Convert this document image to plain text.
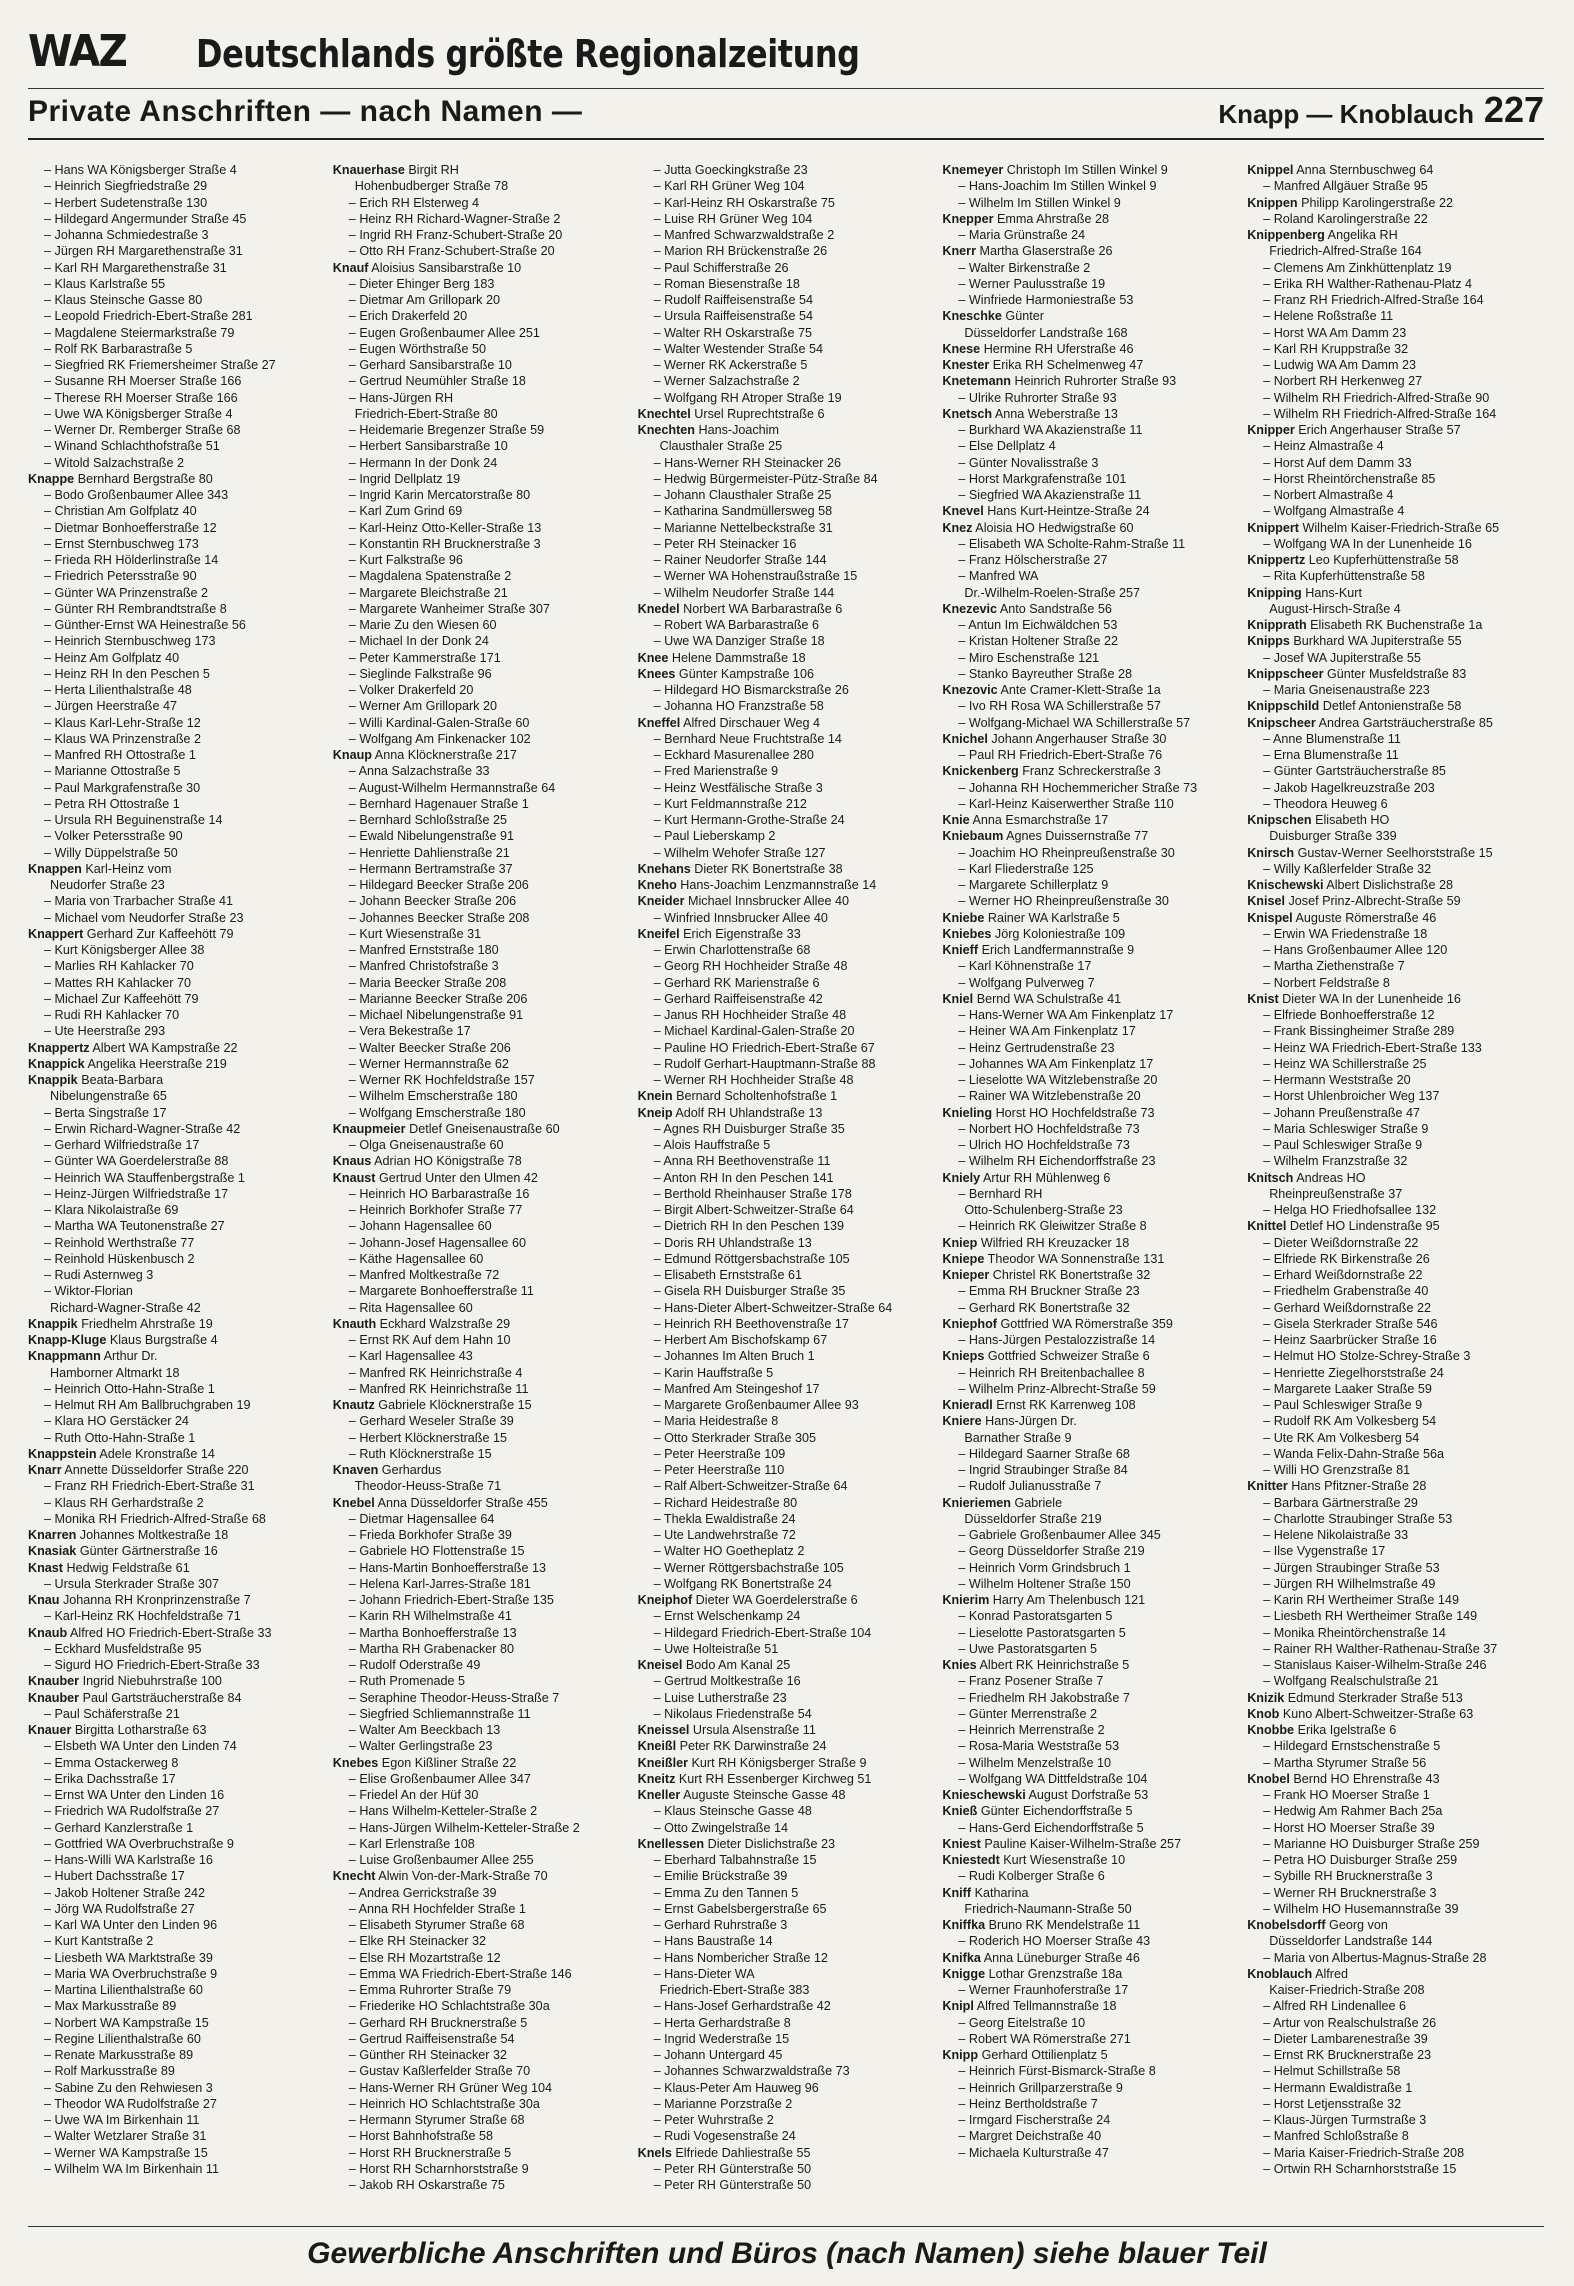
WAZ Deutschlands größte Regionalzeitung
Private Anschriften — nach Namen —	Knapp — Knoblauch 227
– Hans WA Königsberger Straße 4
– Heinrich Siegfriedstraße 29
– Herbert Sudetenstraße 130
– Hildegard Angermunder Straße 45
– Johanna Schmiedestraße 3
– Jürgen RH Margarethenstraße 31
– Karl RH Margarethenstraße 31
– Klaus Karlstraße 55
– Klaus Steinsche Gasse 80
– Leopold Friedrich-Ebert-Straße 281
– Magdalene Steiermarkstraße 79
– Rolf RK Barbarastraße 5
– Siegfried RK Friemersheimer Straße 27
– Susanne RH Moerser Straße 166
– Therese RH Moerser Straße 166
– Uwe WA Königsberger Straße 4
– Werner Dr. Remberger Straße 68
– Winand Schlachthofstraße 51
– Witold Salzachstraße 2
Knappe Bernhard Bergstraße 80
– Bodo Großenbaumer Allee 343
– Christian Am Golfplatz 40
– Dietmar Bonhoefferstraße 12
– Ernst Sternbuschweg 173
– Frieda RH Hölderlinstraße 14
– Friedrich Petersstraße 90
– Günter WA Prinzenstraße 2
– Günter RH Rembrandtstraße 8
– Günther-Ernst WA Heinestraße 56
– Heinrich Sternbuschweg 173
– Heinz Am Golfplatz 40
– Heinz RH In den Peschen 5
– Herta Lilienthalstraße 48
– Jürgen Heerstraße 47
– Klaus Karl-Lehr-Straße 12
– Klaus WA Prinzenstraße 2
– Manfred RH Ottostraße 1
– Marianne Ottostraße 5
– Paul Markgrafenstraße 30
– Petra RH Ottostraße 1
– Ursula RH Beguinenstraße 14
– Volker Petersstraße 90
– Willy Düppelstraße 50
Knappen Karl-Heinz vom
Neudorfer Straße 23
– Maria von Trarbacher Straße 41
– Michael vom Neudorfer Straße 23
Knappert Gerhard Zur Kaffeehött 79
– Kurt Königsberger Allee 38
– Marlies RH Kahlacker 70
– Mattes RH Kahlacker 70
– Michael Zur Kaffeehött 79
– Rudi RH Kahlacker 70
– Ute Heerstraße 293
Knappertz Albert WA Kampstraße 22
Knappick Angelika Heerstraße 219
Knappik Beata-Barbara
Nibelungenstraße 65
– Berta Singstraße 17
– Erwin Richard-Wagner-Straße 42
– Gerhard Wilfriedstraße 17
– Günter WA Goerdelerstraße 88
– Heinrich WA Stauffenbergstraße 1
– Heinz-Jürgen Wilfriedstraße 17
– Klara Nikolaistraße 69
– Martha WA Teutonenstraße 27
– Reinhold Werthstraße 77
– Reinhold Hüskenbusch 2
– Rudi Asternweg 3
– Wiktor-Florian
Richard-Wagner-Straße 42
Knappik Friedhelm Ahrstraße 19
Knapp-Kluge Klaus Burgstraße 4
Knappmann Arthur Dr.
Hamborner Altmarkt 18
– Heinrich Otto-Hahn-Straße 1
– Helmut RH Am Ballbruchgraben 19
– Klara HO Gerstäcker 24
– Ruth Otto-Hahn-Straße 1
Knappstein Adele Kronstraße 14
Knarr Annette Düsseldorfer Straße 220
– Franz RH Friedrich-Ebert-Straße 31
– Klaus RH Gerhardstraße 2
– Monika RH Friedrich-Alfred-Straße 68
Knarren Johannes Moltkestraße 18
Knasiak Günter Gärtnerstraße 16
Knast Hedwig Feldstraße 61
– Ursula Sterkrader Straße 307
Knau Johanna RH Kronprinzenstraße 7
– Karl-Heinz RK Hochfeldstraße 71
Knaub Alfred HO Friedrich-Ebert-Straße 33
– Eckhard Musfeldstraße 95
– Sigurd HO Friedrich-Ebert-Straße 33
Knauber Ingrid Niebuhrstraße 100
Knauber Paul Gartsträucherstraße 84
– Paul Schäferstraße 21
Knauer Birgitta Lotharstraße 63
– Elsbeth WA Unter den Linden 74
– Emma Ostackerweg 8
– Erika Dachsstraße 17
– Ernst WA Unter den Linden 16
– Friedrich WA Rudolfstraße 27
– Gerhard Kanzlerstraße 1
– Gottfried WA Overbruchstraße 9
– Hans-Willi WA Karlstraße 16
– Hubert Dachsstraße 17
– Jakob Holtener Straße 242
– Jörg WA Rudolfstraße 27
– Karl WA Unter den Linden 96
– Kurt Kantstraße 2
– Liesbeth WA Marktstraße 39
– Maria WA Overbruchstraße 9
– Martina Lilienthalstraße 60
– Max Markusstraße 89
– Norbert WA Kampstraße 15
– Regine Lilienthalstraße 60
– Renate Markusstraße 89
– Rolf Markusstraße 89
– Sabine Zu den Rehwiesen 3
– Theodor WA Rudolfstraße 27
– Uwe WA Im Birkenhain 11
– Walter Wetzlarer Straße 31
– Werner WA Kampstraße 15
– Wilhelm WA Im Birkenhain 11
Knauerhase Birgit RH
Hohenbudberger Straße 78
– Erich RH Elsterweg 4
– Heinz RH Richard-Wagner-Straße 2
– Ingrid RH Franz-Schubert-Straße 20
– Otto RH Franz-Schubert-Straße 20
Knauf Aloisius Sansibarstraße 10
– Dieter Ehinger Berg 183
– Dietmar Am Grillopark 20
– Erich Drakerfeld 20
– Eugen Großenbaumer Allee 251
– Eugen Wörthstraße 50
– Gerhard Sansibarstraße 10
– Gertrud Neumühler Straße 18
– Hans-Jürgen RH
Friedrich-Ebert-Straße 80
– Heidemarie Bregenzer Straße 59
– Herbert Sansibarstraße 10
– Hermann In der Donk 24
– Ingrid Dellplatz 19
– Ingrid Karin Mercatorstraße 80
– Karl Zum Grind 69
– Karl-Heinz Otto-Keller-Straße 13
– Konstantin RH Brucknerstraße 3
– Kurt Falkstraße 96
– Magdalena Spatenstraße 2
– Margarete Bleichstraße 21
– Margarete Wanheimer Straße 307
– Marie Zu den Wiesen 60
– Michael In der Donk 24
– Peter Kammerstraße 171
– Sieglinde Falkstraße 96
– Volker Drakerfeld 20
– Werner Am Grillopark 20
– Willi Kardinal-Galen-Straße 60
– Wolfgang Am Finkenacker 102
Knaup Anna Klöcknerstraße 217
– Anna Salzachstraße 33
– August-Wilhelm Hermannstraße 64
– Bernhard Hagenauer Straße 1
– Bernhard Schloßstraße 25
– Ewald Nibelungenstraße 91
– Henriette Dahlienstraße 21
– Hermann Bertramstraße 37
– Hildegard Beecker Straße 206
– Johann Beecker Straße 206
– Johannes Beecker Straße 208
– Kurt Wiesenstraße 31
– Manfred Ernststraße 180
– Manfred Christofstraße 3
– Maria Beecker Straße 208
– Marianne Beecker Straße 206
– Michael Nibelungenstraße 91
– Vera Bekestraße 17
– Walter Beecker Straße 206
– Werner Hermannstraße 62
– Werner RK Hochfeldstraße 157
– Wilhelm Emscherstraße 180
– Wolfgang Emscherstraße 180
Knaupmeier Detlef Gneisenaustraße 60
– Olga Gneisenaustraße 60
Knaus Adrian HO Königstraße 78
Knaust Gertrud Unter den Ulmen 42
– Heinrich HO Barbarastraße 16
– Heinrich Borkhofer Straße 77
– Johann Hagensallee 60
– Johann-Josef Hagensallee 60
– Käthe Hagensallee 60
– Manfred Moltkestraße 72
– Margarete Bonhoefferstraße 11
– Rita Hagensallee 60
Knauth Eckhard Walzstraße 29
– Ernst RK Auf dem Hahn 10
– Karl Hagensallee 43
– Manfred RK Heinrichstraße 4
– Manfred RK Heinrichstraße 11
Knautz Gabriele Klöcknerstraße 15
– Gerhard Weseler Straße 39
– Herbert Klöcknerstraße 15
– Ruth Klöcknerstraße 15
Knaven Gerhardus
Theodor-Heuss-Straße 71
Knebel Anna Düsseldorfer Straße 455
– Dietmar Hagensallee 64
– Frieda Borkhofer Straße 39
– Gabriele HO Flottenstraße 15
– Hans-Martin Bonhoefferstraße 13
– Helena Karl-Jarres-Straße 181
– Johann Friedrich-Ebert-Straße 135
– Karin RH Wilhelmstraße 41
– Martha Bonhoefferstraße 13
– Martha RH Grabenacker 80
– Rudolf Oderstraße 49
– Ruth Promenade 5
– Seraphine Theodor-Heuss-Straße 7
– Siegfried Schliemannstraße 11
– Walter Am Beeckbach 13
– Walter Gerlingstraße 23
Knebes Egon Kißliner Straße 22
– Elise Großenbaumer Allee 347
– Friedel An der Hüf 30
– Hans Wilhelm-Ketteler-Straße 2
– Hans-Jürgen Wilhelm-Ketteler-Straße 2
– Karl Erlenstraße 108
– Luise Großenbaumer Allee 255
Knecht Alwin Von-der-Mark-Straße 70
– Andrea Gerrickstraße 39
– Anna RH Hochfelder Straße 1
– Elisabeth Styrumer Straße 68
– Elke RH Steinacker 32
– Else RH Mozartstraße 12
– Emma WA Friedrich-Ebert-Straße 146
– Emma Ruhrorter Straße 79
– Friederike HO Schlachtstraße 30a
– Gerhard RH Brucknerstraße 5
– Gertrud Raiffeisenstraße 54
– Günther RH Steinacker 32
– Gustav Kaßlerfelder Straße 70
– Hans-Werner RH Grüner Weg 104
– Heinrich HO Schlachtstraße 30a
– Hermann Styrumer Straße 68
– Horst Bahnhofstraße 58
– Horst RH Brucknerstraße 5
– Horst RH Scharnhorststraße 9
– Jakob RH Oskarstraße 75
– Jutta Goeckingkstraße 23
– Karl RH Grüner Weg 104
– Karl-Heinz RH Oskarstraße 75
– Luise RH Grüner Weg 104
– Manfred Schwarzwaldstraße 2
– Marion RH Brückenstraße 26
– Paul Schifferstraße 26
– Roman Biesenstraße 18
– Rudolf Raiffeisenstraße 54
– Ursula Raiffeisenstraße 54
– Walter RH Oskarstraße 75
– Walter Westender Straße 54
– Werner RK Ackerstraße 5
– Werner Salzachstraße 2
– Wolfgang RH Atroper Straße 19
Knechtel Ursel Ruprechtstraße 6
Knechten Hans-Joachim
Clausthaler Straße 25
– Hans-Werner RH Steinacker 26
– Hedwig Bürgermeister-Pütz-Straße 84
– Johann Clausthaler Straße 25
– Katharina Sandmüllersweg 58
– Marianne Nettelbeckstraße 31
– Peter RH Steinacker 16
– Rainer Neudorfer Straße 144
– Werner WA Hohenstraußstraße 15
– Wilhelm Neudorfer Straße 144
Knedel Norbert WA Barbarastraße 6
– Robert WA Barbarastraße 6
– Uwe WA Danziger Straße 18
Knee Helene Dammstraße 18
Knees Günter Kampstraße 106
– Hildegard HO Bismarckstraße 26
– Johanna HO Franzstraße 58
Kneffel Alfred Dirschauer Weg 4
– Bernhard Neue Fruchtstraße 14
– Eckhard Masurenallee 280
– Fred Marienstraße 9
– Heinz Westfälische Straße 3
– Kurt Feldmannstraße 212
– Kurt Hermann-Grothe-Straße 24
– Paul Lieberskamp 2
– Wilhelm Wehofer Straße 127
Knehans Dieter RK Bonertstraße 38
Kneho Hans-Joachim Lenzmannstraße 14
Kneider Michael Innsbrucker Allee 40
– Winfried Innsbrucker Allee 40
Kneifel Erich Eigenstraße 33
– Erwin Charlottenstraße 68
– Georg RH Hochheider Straße 48
– Gerhard RK Marienstraße 6
– Gerhard Raiffeisenstraße 42
– Janus RH Hochheider Straße 48
– Michael Kardinal-Galen-Straße 20
– Pauline HO Friedrich-Ebert-Straße 67
– Rudolf Gerhart-Hauptmann-Straße 88
– Werner RH Hochheider Straße 48
Knein Bernard Scholtenhofstraße 1
Kneip Adolf RH Uhlandstraße 13
– Agnes RH Duisburger Straße 35
– Alois Hauffstraße 5
– Anna RH Beethovenstraße 11
– Anton RH In den Peschen 141
– Berthold Rheinhauser Straße 178
– Birgit Albert-Schweitzer-Straße 64
– Dietrich RH In den Peschen 139
– Doris RH Uhlandstraße 13
– Edmund Röttgersbachstraße 105
– Elisabeth Ernststraße 61
– Gisela RH Duisburger Straße 35
– Hans-Dieter Albert-Schweitzer-Straße 64
– Heinrich RH Beethovenstraße 17
– Herbert Am Bischofskamp 67
– Johannes Im Alten Bruch 1
– Karin Hauffstraße 5
– Manfred Am Steingeshof 17
– Margarete Großenbaumer Allee 93
– Maria Heidestraße 8
– Otto Sterkrader Straße 305
– Peter Heerstraße 109
– Peter Heerstraße 110
– Ralf Albert-Schweitzer-Straße 64
– Richard Heidestraße 80
– Thekla Ewaldistraße 24
– Ute Landwehrstraße 72
– Walter HO Goetheplatz 2
– Werner Röttgersbachstraße 105
– Wolfgang RK Bonertstraße 24
Kneiphof Dieter WA Goerdelerstraße 6
– Ernst Welschenkamp 24
– Hildegard Friedrich-Ebert-Straße 104
– Uwe Holteistraße 51
Kneisel Bodo Am Kanal 25
– Gertrud Moltkestraße 16
– Luise Lutherstraße 23
– Nikolaus Friedenstraße 54
Kneissel Ursula Alsenstraße 11
Kneißl Peter RK Darwinstraße 24
Kneißler Kurt RH Königsberger Straße 9
Kneitz Kurt RH Essenberger Kirchweg 51
Kneller Auguste Steinsche Gasse 48
– Klaus Steinsche Gasse 48
– Otto Zwingelstraße 14
Knellessen Dieter Dislichstraße 23
– Eberhard Talbahnstraße 15
– Emilie Brückstraße 39
– Emma Zu den Tannen 5
– Ernst Gabelsbergerstraße 65
– Gerhard Ruhrstraße 3
– Hans Baustraße 14
– Hans Nombericher Straße 12
– Hans-Dieter WA
Friedrich-Ebert-Straße 383
– Hans-Josef Gerhardstraße 42
– Herta Gerhardstraße 8
– Ingrid Wederstraße 15
– Johann Untergard 45
– Johannes Schwarzwaldstraße 73
– Klaus-Peter Am Hauweg 96
– Marianne Porzstraße 2
– Peter Wuhrstraße 2
– Rudi Vogesenstraße 24
Knels Elfriede Dahliestraße 55
– Peter RH Günterstraße 50
– Peter RH Günterstraße 50
Knemeyer Christoph Im Stillen Winkel 9
– Hans-Joachim Im Stillen Winkel 9
– Wilhelm Im Stillen Winkel 9
Knepper Emma Ahrstraße 28
– Maria Grünstraße 24
Knerr Martha Glaserstraße 26
– Walter Birkenstraße 2
– Werner Paulusstraße 19
– Winfriede Harmoniestraße 53
Kneschke Günter
Düsseldorfer Landstraße 168
Knese Hermine RH Uferstraße 46
Knester Erika RH Schelmenweg 47
Knetemann Heinrich Ruhrorter Straße 93
– Ulrike Ruhrorter Straße 93
Knetsch Anna Weberstraße 13
– Burkhard WA Akazienstraße 11
– Else Dellplatz 4
– Günter Novalisstraße 3
– Horst Markgrafenstraße 101
– Siegfried WA Akazienstraße 11
Knevel Hans Kurt-Heintze-Straße 24
Knez Aloisia HO Hedwigstraße 60
– Elisabeth WA Scholte-Rahm-Straße 11
– Franz Hölscherstraße 27
– Manfred WA
Dr.-Wilhelm-Roelen-Straße 257
Knezevic Anto Sandstraße 56
– Antun Im Eichwäldchen 53
– Kristan Holtener Straße 22
– Miro Eschenstraße 121
– Stanko Bayreuther Straße 28
Knezovic Ante Cramer-Klett-Straße 1a
– Ivo RH Rosa WA Schillerstraße 57
– Wolfgang-Michael WA Schillerstraße 57
Knichel Johann Angerhauser Straße 30
– Paul RH Friedrich-Ebert-Straße 76
Knickenberg Franz Schreckerstraße 3
– Johanna RH Hochemmericher Straße 73
– Karl-Heinz Kaiserwerther Straße 110
Knie Anna Esmarchstraße 17
Kniebaum Agnes Duissernstraße 77
– Joachim HO Rheinpreußenstraße 30
– Karl Fliederstraße 125
– Margarete Schillerplatz 9
– Werner HO Rheinpreußenstraße 30
Kniebe Rainer WA Karlstraße 5
Kniebes Jörg Koloniestraße 109
Knieff Erich Landfermannstraße 9
– Karl Köhnenstraße 17
– Wolfgang Pulverweg 7
Kniel Bernd WA Schulstraße 41
– Hans-Werner WA Am Finkenplatz 17
– Heiner WA Am Finkenplatz 17
– Heinz Gertrudenstraße 23
– Johannes WA Am Finkenplatz 17
– Lieselotte WA Witzlebenstraße 20
– Rainer WA Witzlebenstraße 20
Knieling Horst HO Hochfeldstraße 73
– Norbert HO Hochfeldstraße 73
– Ulrich HO Hochfeldstraße 73
– Wilhelm RH Eichendorffstraße 23
Kniely Artur RH Mühlenweg 6
– Bernhard RH
Otto-Schulenberg-Straße 23
– Heinrich RK Gleiwitzer Straße 8
Kniep Wilfried RH Kreuzacker 18
Kniepe Theodor WA Sonnenstraße 131
Knieper Christel RK Bonertstraße 32
– Emma RH Bruckner Straße 23
– Gerhard RK Bonertstraße 32
Kniephof Gottfried WA Römerstraße 359
– Hans-Jürgen Pestalozzistraße 14
Knieps Gottfried Schweizer Straße 6
– Heinrich RH Breitenbachallee 8
– Wilhelm Prinz-Albrecht-Straße 59
Knieradl Ernst RK Karrenweg 108
Kniere Hans-Jürgen Dr.
Barnather Straße 9
– Hildegard Saarner Straße 68
– Ingrid Straubinger Straße 84
– Rudolf Julianusstraße 7
Knieriemen Gabriele
Düsseldorfer Straße 219
– Gabriele Großenbaumer Allee 345
– Georg Düsseldorfer Straße 219
– Heinrich Vorm Grindsbruch 1
– Wilhelm Holtener Straße 150
Knierim Harry Am Thelenbusch 121
– Konrad Pastoratsgarten 5
– Lieselotte Pastoratsgarten 5
– Uwe Pastoratsgarten 5
Knies Albert RK Heinrichstraße 5
– Franz Posener Straße 7
– Friedhelm RH Jakobstraße 7
– Günter Merrenstraße 2
– Heinrich Merrenstraße 2
– Rosa-Maria Weststraße 53
– Wilhelm Menzelstraße 10
– Wolfgang WA Dittfeldstraße 104
Knieschewski August Dorfstraße 53
Knieß Günter Eichendorffstraße 5
– Hans-Gerd Eichendorffstraße 5
Kniest Pauline Kaiser-Wilhelm-Straße 257
Kniestedt Kurt Wiesenstraße 10
– Rudi Kolberger Straße 6
Kniff Katharina
Friedrich-Naumann-Straße 50
Kniffka Bruno RK Mendelstraße 11
– Roderich HO Moerser Straße 43
Knifka Anna Lüneburger Straße 46
Knigge Lothar Grenzstraße 18a
– Werner Fraunhoferstraße 17
Knipl Alfred Tellmannstraße 18
– Georg Eitelstraße 10
– Robert WA Römerstraße 271
Knipp Gerhard Ottilienplatz 5
– Heinrich Fürst-Bismarck-Straße 8
– Heinrich Grillparzerstraße 9
– Heinz Bertholdstraße 7
– Irmgard Fischerstraße 24
– Margret Deichstraße 40
– Michaela Kulturstraße 47
Knippel Anna Sternbuschweg 64
– Manfred Allgäuer Straße 95
Knippen Philipp Karolingerstraße 22
– Roland Karolingerstraße 22
Knippenberg Angelika RH
Friedrich-Alfred-Straße 164
– Clemens Am Zinkhüttenplatz 19
– Erika RH Walther-Rathenau-Platz 4
– Franz RH Friedrich-Alfred-Straße 164
– Helene Roßstraße 11
– Horst WA Am Damm 23
– Karl RH Kruppstraße 32
– Ludwig WA Am Damm 23
– Norbert RH Herkenweg 27
– Wilhelm RH Friedrich-Alfred-Straße 90
– Wilhelm RH Friedrich-Alfred-Straße 164
Knipper Erich Angerhauser Straße 57
– Heinz Almastraße 4
– Horst Auf dem Damm 33
– Horst Rheintörchenstraße 85
– Norbert Almastraße 4
– Wolfgang Almastraße 4
Knippert Wilhelm Kaiser-Friedrich-Straße 65
– Wolfgang WA In der Lunenheide 16
Knippertz Leo Kupferhüttenstraße 58
– Rita Kupferhüttenstraße 58
Knipping Hans-Kurt
August-Hirsch-Straße 4
Knipprath Elisabeth RK Buchenstraße 1a
Knipps Burkhard WA Jupiterstraße 55
– Josef WA Jupiterstraße 55
Knippscheer Günter Musfeldstraße 83
– Maria Gneisenaustraße 223
Knippschild Detlef Antonienstraße 58
Knipscheer Andrea Gartsträucherstraße 85
– Anne Blumenstraße 11
– Erna Blumenstraße 11
– Günter Gartsträucherstraße 85
– Jakob Hagelkreuzstraße 203
– Theodora Heuweg 6
Knipschen Elisabeth HO
Duisburger Straße 339
Knirsch Gustav-Werner Seelhorststraße 15
– Willy Kaßlerfelder Straße 32
Knischewski Albert Dislichstraße 28
Knisel Josef Prinz-Albrecht-Straße 59
Knispel Auguste Römerstraße 46
– Erwin WA Friedenstraße 18
– Hans Großenbaumer Allee 120
– Martha Ziethenstraße 7
– Norbert Feldstraße 8
Knist Dieter WA In der Lunenheide 16
– Elfriede Bonhoefferstraße 12
– Frank Bissingheimer Straße 289
– Heinz WA Friedrich-Ebert-Straße 133
– Heinz WA Schillerstraße 25
– Hermann Weststraße 20
– Horst Uhlenbroicher Weg 137
– Johann Preußenstraße 47
– Maria Schleswiger Straße 9
– Paul Schleswiger Straße 9
– Wilhelm Franzstraße 32
Knitsch Andreas HO
Rheinpreußenstraße 37
– Helga HO Friedhofsallee 132
Knittel Detlef HO Lindenstraße 95
– Dieter Weißdornstraße 22
– Elfriede RK Birkenstraße 26
– Erhard Weißdornstraße 22
– Friedhelm Grabenstraße 40
– Gerhard Weißdornstraße 22
– Gisela Sterkrader Straße 546
– Heinz Saarbrücker Straße 16
– Helmut HO Stolze-Schrey-Straße 3
– Henriette Ziegelhorststraße 24
– Margarete Laaker Straße 59
– Paul Schleswiger Straße 9
– Rudolf RK Am Volkesberg 54
– Ute RK Am Volkesberg 54
– Wanda Felix-Dahn-Straße 56a
– Willi HO Grenzstraße 81
Knitter Hans Pfitzner-Straße 28
– Barbara Gärtnerstraße 29
– Charlotte Straubinger Straße 53
– Helene Nikolaistraße 33
– Ilse Vygenstraße 17
– Jürgen Straubinger Straße 53
– Jürgen RH Wilhelmstraße 49
– Karin RH Wertheimer Straße 149
– Liesbeth RH Wertheimer Straße 149
– Monika Rheintörchenstraße 14
– Rainer RH Walther-Rathenau-Straße 37
– Stanislaus Kaiser-Wilhelm-Straße 246
– Wolfgang Realschulstraße 21
Knizik Edmund Sterkrader Straße 513
Knob Kuno Albert-Schweitzer-Straße 63
Knobbe Erika Igelstraße 6
– Hildegard Ernstschenstraße 5
– Martha Styrumer Straße 56
Knobel Bernd HO Ehrenstraße 43
– Frank HO Moerser Straße 1
– Hedwig Am Rahmer Bach 25a
– Horst HO Moerser Straße 39
– Marianne HO Duisburger Straße 259
– Petra HO Duisburger Straße 259
– Sybille RH Brucknerstraße 3
– Werner RH Brucknerstraße 3
– Wilhelm HO Husemannstraße 39
Knobelsdorff Georg von
Düsseldorfer Landstraße 144
– Maria von Albertus-Magnus-Straße 28
Knoblauch Alfred
Kaiser-Friedrich-Straße 208
– Alfred RH Lindenallee 6
– Artur von Realschulstraße 26
– Dieter Lambarenestraße 39
– Ernst RK Brucknerstraße 23
– Helmut Schillstraße 58
– Hermann Ewaldistraße 1
– Horst Letjensstraße 32
– Klaus-Jürgen Turmstraße 3
– Manfred Schloßstraße 8
– Maria Kaiser-Friedrich-Straße 208
– Ortwin RH Scharnhorststraße 15
Gewerbliche Anschriften und Büros (nach Namen) siehe blauer Teil
